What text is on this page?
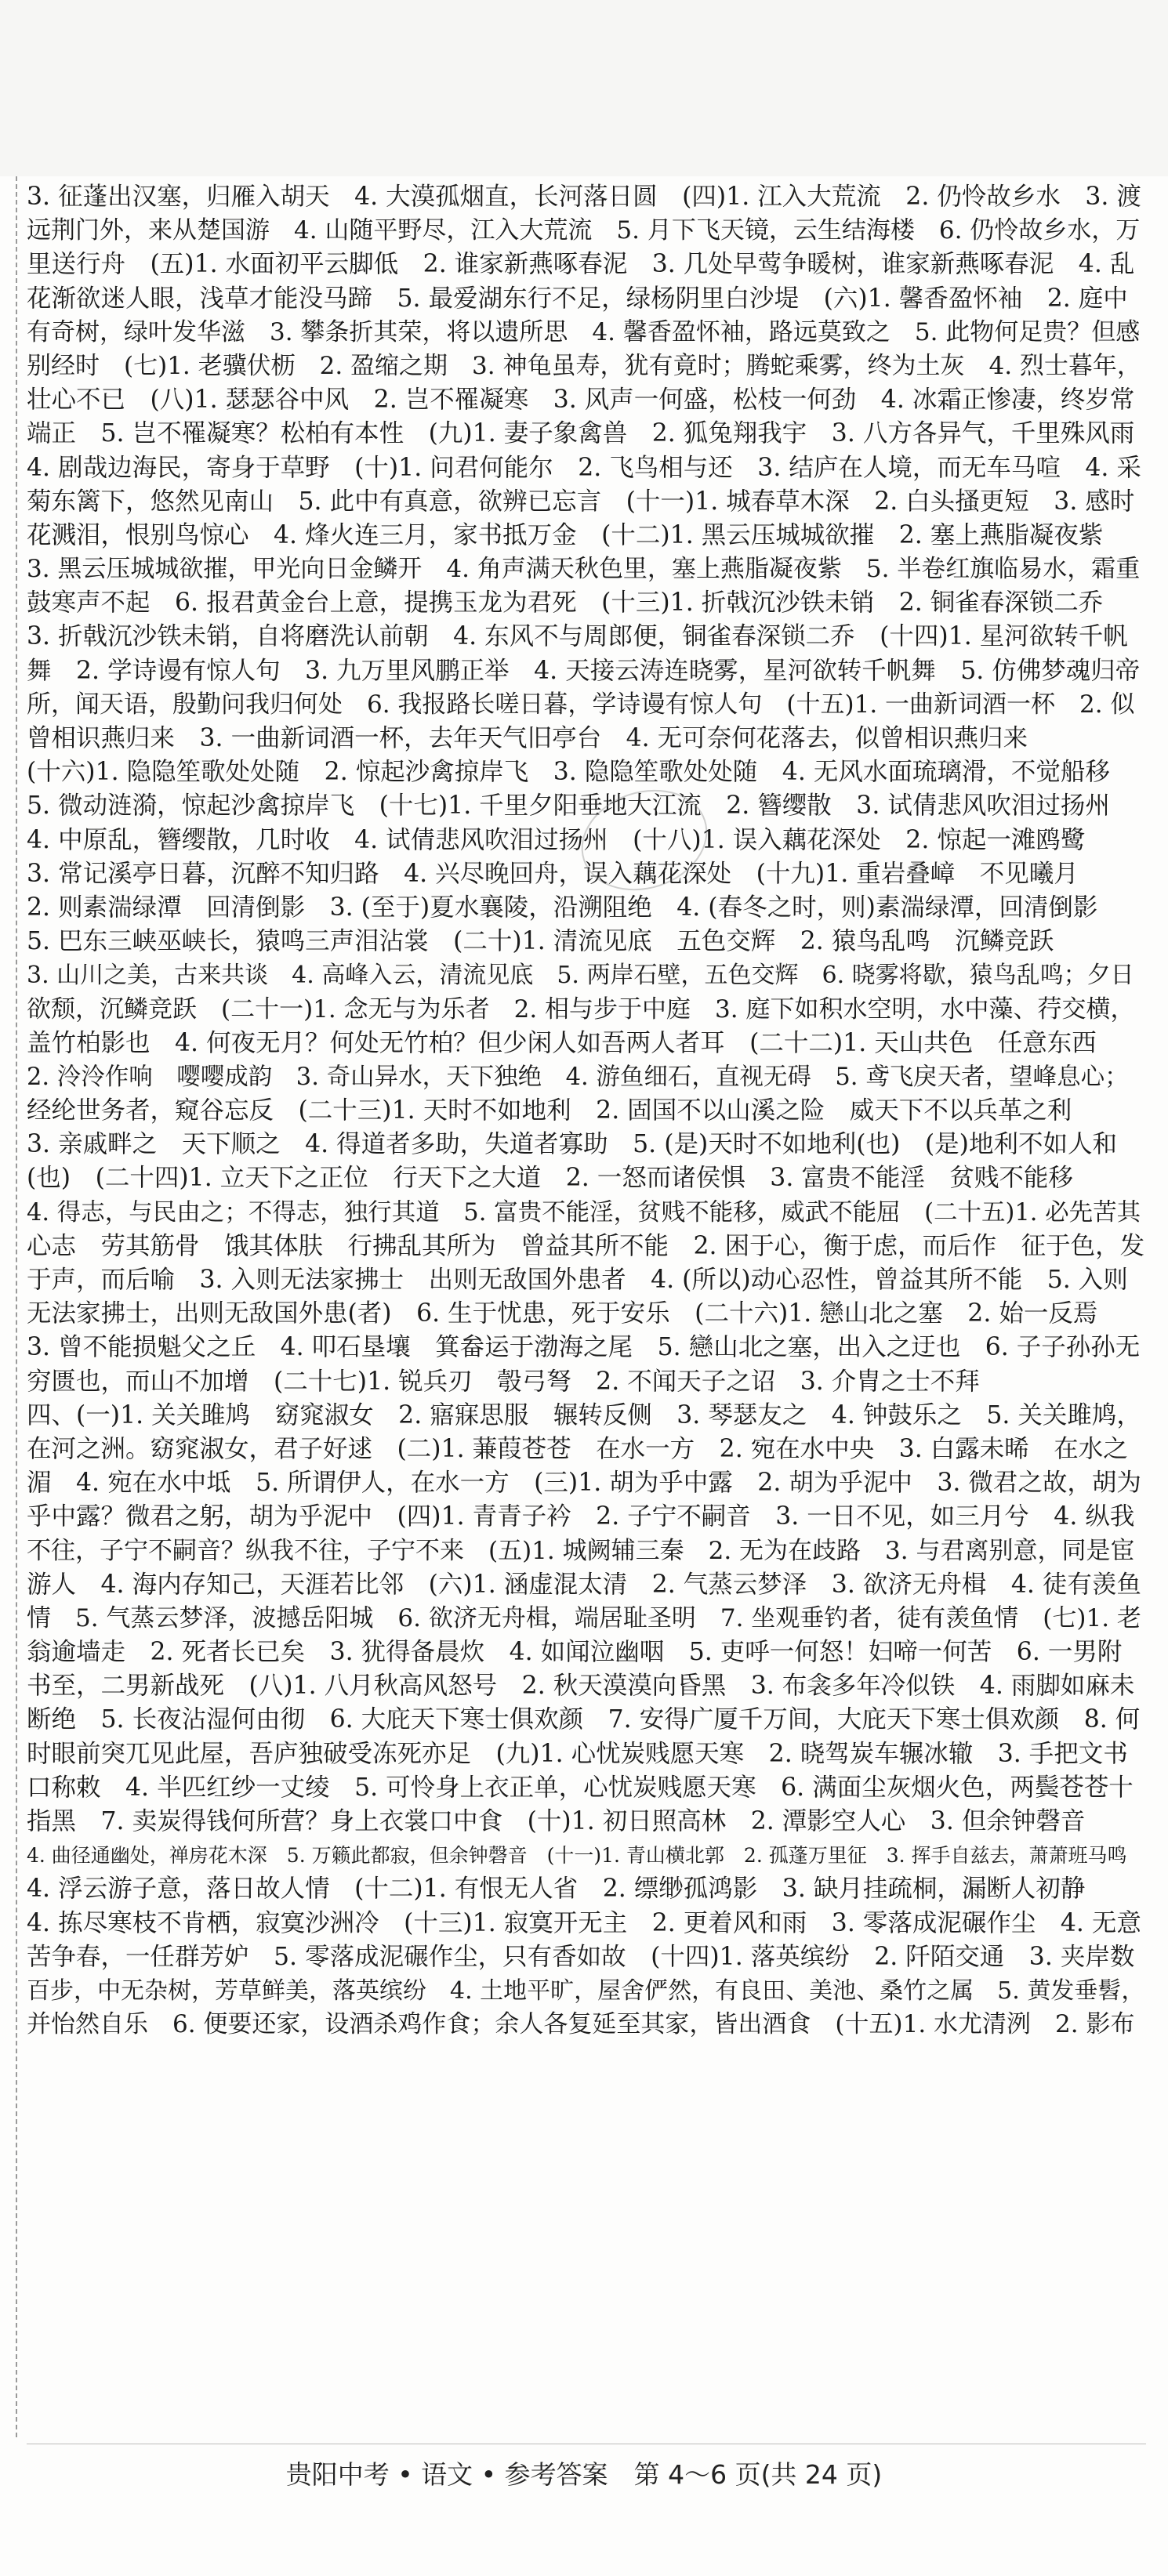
3. 征蓬出汉塞，归雁入胡天　4. 大漠孤烟直，长河落日圆　(四)1. 江入大荒流　2. 仍怜故乡水　3. 渡
远荆门外，来从楚国游　4. 山随平野尽，江入大荒流　5. 月下飞天镜，云生结海楼　6. 仍怜故乡水，万
里送行舟　(五)1. 水面初平云脚低　2. 谁家新燕啄春泥　3. 几处早莺争暖树，谁家新燕啄春泥　4. 乱
花渐欲迷人眼，浅草才能没马蹄　5. 最爱湖东行不足，绿杨阴里白沙堤　(六)1. 馨香盈怀袖　2. 庭中
有奇树，绿叶发华滋　3. 攀条折其荣，将以遗所思　4. 馨香盈怀袖，路远莫致之　5. 此物何足贵？但感
别经时　(七)1. 老骥伏枥　2. 盈缩之期　3. 神龟虽寿，犹有竟时；腾蛇乘雾，终为土灰　4. 烈士暮年，
壮心不已　(八)1. 瑟瑟谷中风　2. 岂不罹凝寒　3. 风声一何盛，松枝一何劲　4. 冰霜正惨凄，终岁常
端正　5. 岂不罹凝寒？松柏有本性　(九)1. 妻子象禽兽　2. 狐兔翔我宇　3. 八方各异气，千里殊风雨
4. 剧哉边海民，寄身于草野　(十)1. 问君何能尔　2. 飞鸟相与还　3. 结庐在人境，而无车马喧　4. 采
菊东篱下，悠然见南山　5. 此中有真意，欲辨已忘言　(十一)1. 城春草木深　2. 白头搔更短　3. 感时
花溅泪，恨别鸟惊心　4. 烽火连三月，家书抵万金　(十二)1. 黑云压城城欲摧　2. 塞上燕脂凝夜紫
3. 黑云压城城欲摧，甲光向日金鳞开　4. 角声满天秋色里，塞上燕脂凝夜紫　5. 半卷红旗临易水，霜重
鼓寒声不起　6. 报君黄金台上意，提携玉龙为君死　(十三)1. 折戟沉沙铁未销　2. 铜雀春深锁二乔
3. 折戟沉沙铁未销，自将磨洗认前朝　4. 东风不与周郎便，铜雀春深锁二乔　(十四)1. 星河欲转千帆
舞　2. 学诗谩有惊人句　3. 九万里风鹏正举　4. 天接云涛连晓雾，星河欲转千帆舞　5. 仿佛梦魂归帝
所，闻天语，殷勤问我归何处　6. 我报路长嗟日暮，学诗谩有惊人句　(十五)1. 一曲新词酒一杯　2. 似
曾相识燕归来　3. 一曲新词酒一杯，去年天气旧亭台　4. 无可奈何花落去，似曾相识燕归来
(十六)1. 隐隐笙歌处处随　2. 惊起沙禽掠岸飞　3. 隐隐笙歌处处随　4. 无风水面琉璃滑，不觉船移
5. 微动涟漪，惊起沙禽掠岸飞　(十七)1. 千里夕阳垂地大江流　2. 簪缨散　3. 试倩悲风吹泪过扬州
4. 中原乱，簪缨散，几时收　4. 试倩悲风吹泪过扬州　(十八)1. 误入藕花深处　2. 惊起一滩鸥鹭
3. 常记溪亭日暮，沉醉不知归路　4. 兴尽晚回舟，误入藕花深处　(十九)1. 重岩叠嶂　不见曦月
2. 则素湍绿潭　回清倒影　3. (至于)夏水襄陵，沿溯阻绝　4. (春冬之时，则)素湍绿潭，回清倒影
5. 巴东三峡巫峡长，猿鸣三声泪沾裳　(二十)1. 清流见底　五色交辉　2. 猿鸟乱鸣　沉鳞竞跃
3. 山川之美，古来共谈　4. 高峰入云，清流见底　5. 两岸石壁，五色交辉　6. 晓雾将歇，猿鸟乱鸣；夕日
欲颓，沉鳞竞跃　(二十一)1. 念无与为乐者　2. 相与步于中庭　3. 庭下如积水空明，水中藻、荇交横，
盖竹柏影也　4. 何夜无月？何处无竹柏？但少闲人如吾两人者耳　(二十二)1. 天山共色　任意东西
2. 泠泠作响　嘤嘤成韵　3. 奇山异水，天下独绝　4. 游鱼细石，直视无碍　5. 鸢飞戾天者，望峰息心；
经纶世务者，窥谷忘反　(二十三)1. 天时不如地利　2. 固国不以山溪之险　威天下不以兵革之利
3. 亲戚畔之　天下顺之　4. 得道者多助，失道者寡助　5. (是)天时不如地利(也)　(是)地利不如人和
(也)　(二十四)1. 立天下之正位　行天下之大道　2. 一怒而诸侯惧　3. 富贵不能淫　贫贱不能移
4. 得志，与民由之；不得志，独行其道　5. 富贵不能淫，贫贱不能移，威武不能屈　(二十五)1. 必先苦其
心志　劳其筋骨　饿其体肤　行拂乱其所为　曾益其所不能　2. 困于心，衡于虑，而后作　征于色，发
于声，而后喻　3. 入则无法家拂士　出则无敌国外患者　4. (所以)动心忍性，曾益其所不能　5. 入则
无法家拂士，出则无敌国外患(者)　6. 生于忧患，死于安乐　(二十六)1. 戀山北之塞　2. 始一反焉
3. 曾不能损魁父之丘　4. 叩石垦壤　箕畚运于渤海之尾　5. 戀山北之塞，出入之迂也　6. 子子孙孙无
穷匮也，而山不加增　(二十七)1. 锐兵刃　彀弓弩　2. 不闻天子之诏　3. 介胄之士不拜
四、(一)1. 关关雎鸠　窈窕淑女　2. 寤寐思服　辗转反侧　3. 琴瑟友之　4. 钟鼓乐之　5. 关关雎鸠，
在河之洲。窈窕淑女，君子好逑　(二)1. 蒹葭苍苍　在水一方　2. 宛在水中央　3. 白露未晞　在水之
湄　4. 宛在水中坻　5. 所谓伊人，在水一方　(三)1. 胡为乎中露　2. 胡为乎泥中　3. 微君之故，胡为
乎中露？微君之躬，胡为乎泥中　(四)1. 青青子衿　2. 子宁不嗣音　3. 一日不见，如三月兮　4. 纵我
不往，子宁不嗣音？纵我不往，子宁不来　(五)1. 城阙辅三秦　2. 无为在歧路　3. 与君离别意，同是宦
游人　4. 海内存知己，天涯若比邻　(六)1. 涵虚混太清　2. 气蒸云梦泽　3. 欲济无舟楫　4. 徒有羡鱼
情　5. 气蒸云梦泽，波撼岳阳城　6. 欲济无舟楫，端居耻圣明　7. 坐观垂钓者，徒有羡鱼情　(七)1. 老
翁逾墙走　2. 死者长已矣　3. 犹得备晨炊　4. 如闻泣幽咽　5. 吏呼一何怒！妇啼一何苦　6. 一男附
书至，二男新战死　(八)1. 八月秋高风怒号　2. 秋天漠漠向昏黑　3. 布衾多年冷似铁　4. 雨脚如麻未
断绝　5. 长夜沾湿何由彻　6. 大庇天下寒士俱欢颜　7. 安得广厦千万间，大庇天下寒士俱欢颜　8. 何
时眼前突兀见此屋，吾庐独破受冻死亦足　(九)1. 心忧炭贱愿天寒　2. 晓驾炭车辗冰辙　3. 手把文书
口称敕　4. 半匹红纱一丈绫　5. 可怜身上衣正单，心忧炭贱愿天寒　6. 满面尘灰烟火色，两鬓苍苍十
指黑　7. 卖炭得钱何所营？身上衣裳口中食　(十)1. 初日照高林　2. 潭影空人心　3. 但余钟磬音
4. 曲径通幽处，禅房花木深　5. 万籁此都寂，但余钟磬音　(十一)1. 青山横北郭　2. 孤蓬万里征　3. 挥手自兹去，萧萧班马鸣
4. 浮云游子意，落日故人情　(十二)1. 有恨无人省　2. 缥缈孤鸿影　3. 缺月挂疏桐，漏断人初静
4. 拣尽寒枝不肯栖，寂寞沙洲冷　(十三)1. 寂寞开无主　2. 更着风和雨　3. 零落成泥碾作尘　4. 无意
苦争春，一任群芳妒　5. 零落成泥碾作尘，只有香如故　(十四)1. 落英缤纷　2. 阡陌交通　3. 夹岸数
百步，中无杂树，芳草鲜美，落英缤纷　4. 土地平旷，屋舍俨然，有良田、美池、桑竹之属　5. 黄发垂髫，
并怡然自乐　6. 便要还家，设酒杀鸡作食；余人各复延至其家，皆出酒食　(十五)1. 水尤清洌　2. 影布
贵阳中考 • 语文 • 参考答案　第 4～6 页(共 24 页)
